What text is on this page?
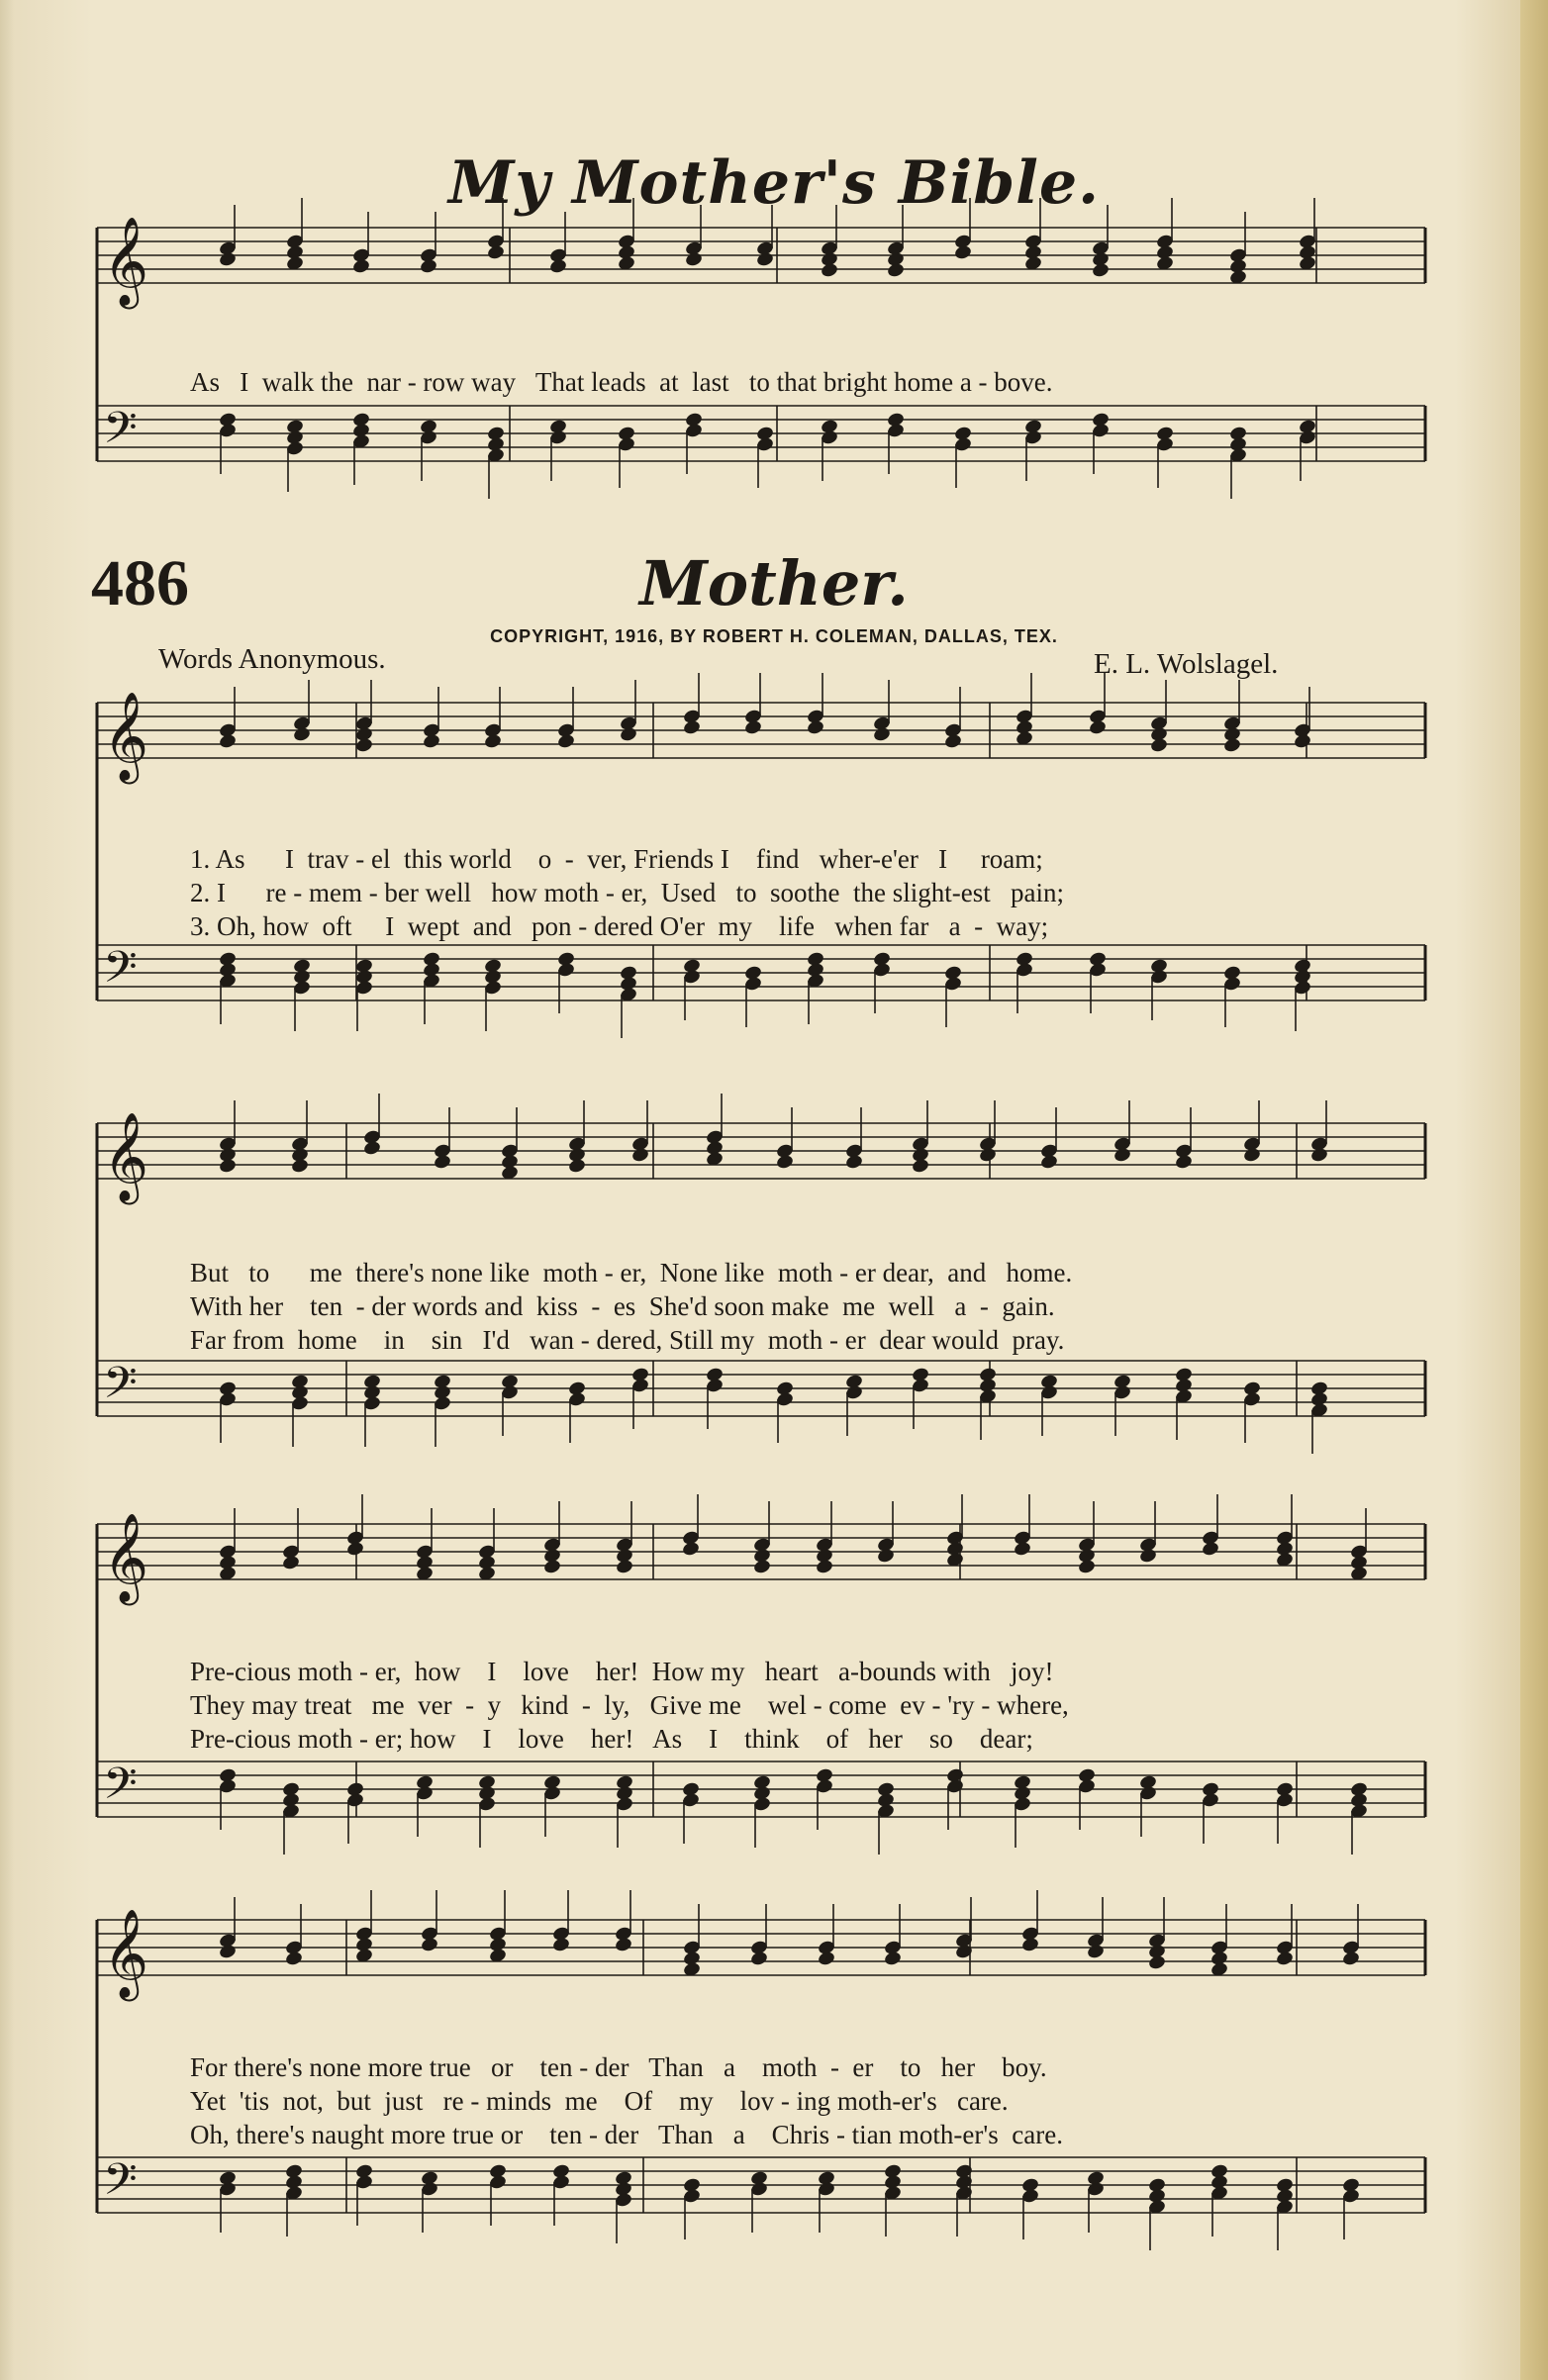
My Mother's Bible.
486	Mother.
COPYRIGHT, 1916, BY ROBERT H. COLEMAN, DALLAS, TEX.
Words Anonymous.	E. L. Wolslagel.
𝄞
𝄢
𝄞
𝄢
𝄞
𝄢
𝄞
𝄢
𝄞
𝄢

As   I  walk the  nar - row way   That leads  at  last   to that bright home a - bove.

1. As      I  trav - el  this world    o  -  ver, Friends I    find   wher-e'er   I     roam;

2. I      re - mem - ber well   how moth - er,  Used   to  soothe  the slight-est   pain;

3. Oh, how  oft     I  wept  and   pon - dered O'er  my    life   when far   a  -  way;

But   to      me  there's none like  moth - er,  None like  moth - er dear,  and   home.

With her    ten  - der words and  kiss  -  es  She'd soon make  me  well   a  -  gain.

Far from  home    in    sin   I'd   wan - dered, Still my  moth - er  dear would  pray.

Pre-cious moth - er,  how    I    love    her!  How my   heart   a-bounds with   joy!

They may treat   me  ver  -  y   kind  -  ly,   Give me    wel - come  ev - 'ry - where,

Pre-cious moth - er; how    I    love    her!   As    I    think    of   her    so    dear;

For there's none more true   or    ten - der   Than   a    moth  -  er    to   her    boy.

Yet  'tis  not,  but  just   re - minds  me    Of    my    lov - ing moth-er's   care.

Oh, there's naught more true or    ten - der   Than   a    Chris - tian moth-er's  care.
